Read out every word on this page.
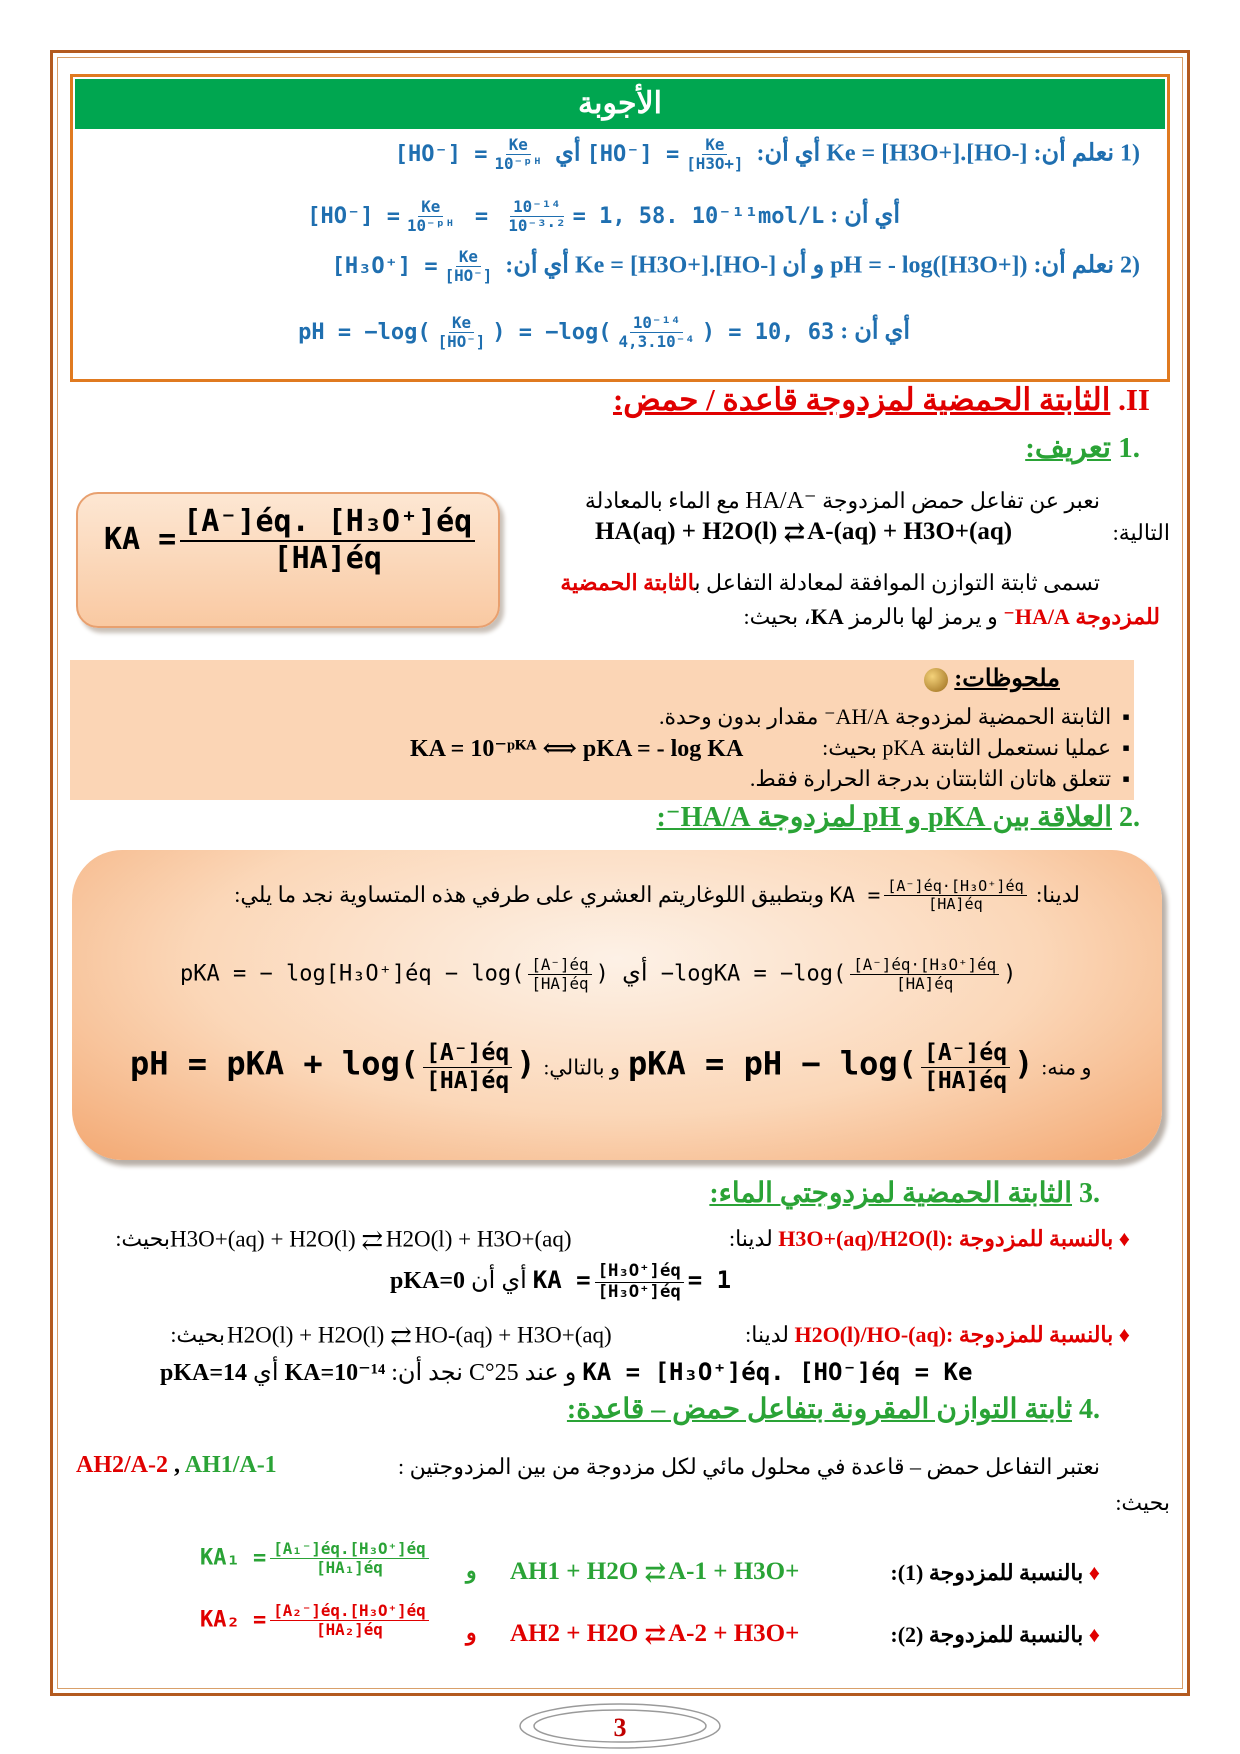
الأجوبة
(1 نعلم أن: Ke = [H3O+].[HO-] أي أن: $[HO^-] = \frac{Ke}{[H3O+]}$
أي $[HO^-] = \frac{Ke}{\text{10⁻ᵖᴴ}}$
أي أن : $[HO^-] = \frac{Ke}{\text{10⁻ᵖᴴ}} = \frac{\text{10⁻¹⁴}}{\text{10⁻³·²}} = 1$, 58. 10⁻¹¹mol/L
(2 نعلم أن: pH = - log([H3O+]) و أن Ke = [H3O+].[HO-] أي أن: $[H_3O^+] = \frac{Ke}{[HO^-]}$
أي أن : pH = $-\log( \frac{Ke}{[HO^-]}$ ) = $-\log( \frac{\text{10⁻¹⁴}}{\text{4,3.10⁻⁴}}$ ) = 10, 63
II. الثابتة الحمضية لمزدوجة قاعدة / حمض:
.1 تعريف:
نعبر عن تفاعل حمض المزدوجة HA/A⁻ مع الماء بالمعادلة
التالية:
HA(aq) + H2O(l) ⇄ A-(aq) + H3O+(aq)
تسمى ثابتة التوازن الموافقة لمعادلة التفاعل بالثابتة الحمضية
للمزدوجة HA/A⁻ و يرمز لها بالرمز KA، بحيث:
KA = $\frac{\text{[A⁻]éq. [H₃O⁺]éq}}{[HA]éq}$
ملحوظات:
▪  الثابتة الحمضية لمزدوجة AH/A⁻ مقدار بدون وحدة.
▪  عمليا نستعمل الثابتة pKA بحيث:
KA = 10⁻ᵖᴷᴬ ⟺ pKA = - log KA
▪  تتعلق هاتان الثابتتان بدرجة الحرارة فقط.
.2 العلاقة بين pKA و pH لمزدوجة HA/A⁻:
لدينا: KA = $\frac{\text{[A⁻]éq·[H₃O⁺]éq}}{[HA]éq}$
وبتطبيق اللوغاريتم العشري على طرفي هذه المتساوية نجد ما يلي:
pKA = − log[H₃O⁺]éq − $\log( \frac{[A^-]éq}{[HA]éq}$ ) أي −logKA = $-\log( \frac{\text{[A⁻]éq·[H₃O⁺]éq}}{[HA]éq}$ )
pH = pKA + $\log( \frac{[A^-]éq}{[HA]éq}$ ) و بالتالي: pKA = pH − $\log( \frac{[A^-]éq}{[HA]éq}$ ) و منه:
.3 الثابتة الحمضية لمزدوجتي الماء:
♦ بالنسبة للمزدوجة H3O+(aq)/H2O(l): لدينا:
H3O+(aq) + H2O(l) ⇄ H2O(l) + H3O+(aq)
بحيث:
pKA=0 أي أن KA = $\frac{\text{[H₃O⁺]éq}}{\text{[H₃O⁺]éq}} = 1$
♦ بالنسبة للمزدوجة H2O(l)/HO-(aq): لدينا:
H2O(l) + H2O(l) ⇄ HO-(aq) + H3O+(aq)
بحيث:
pKA=14 أي KA=10⁻¹⁴ و عند 25°C نجد أن: KA = [H₃O⁺]éq. [HO⁻]éq = Ke
.4 ثابتة التوازن المقرونة بتفاعل حمض – قاعدة:
نعتبر التفاعل حمض – قاعدة في محلول مائي لكل مزدوجة من بين المزدوجتين :
AH2/A-2 , AH1/A-1
بحيث:
♦ بالنسبة للمزدوجة (1):
AH1 + H2O ⇄ A-1 + H3O+
و
$KA_1 = \frac{\text{[A₁⁻]éq.[H₃O⁺]éq}}{\text{[HA₁]éq}}$
♦ بالنسبة للمزدوجة (2):
AH2 + H2O ⇄ A-2 + H3O+
و
$KA_2 = \frac{\text{[A₂⁻]éq.[H₃O⁺]éq}}{\text{[HA₂]éq}}$
3
